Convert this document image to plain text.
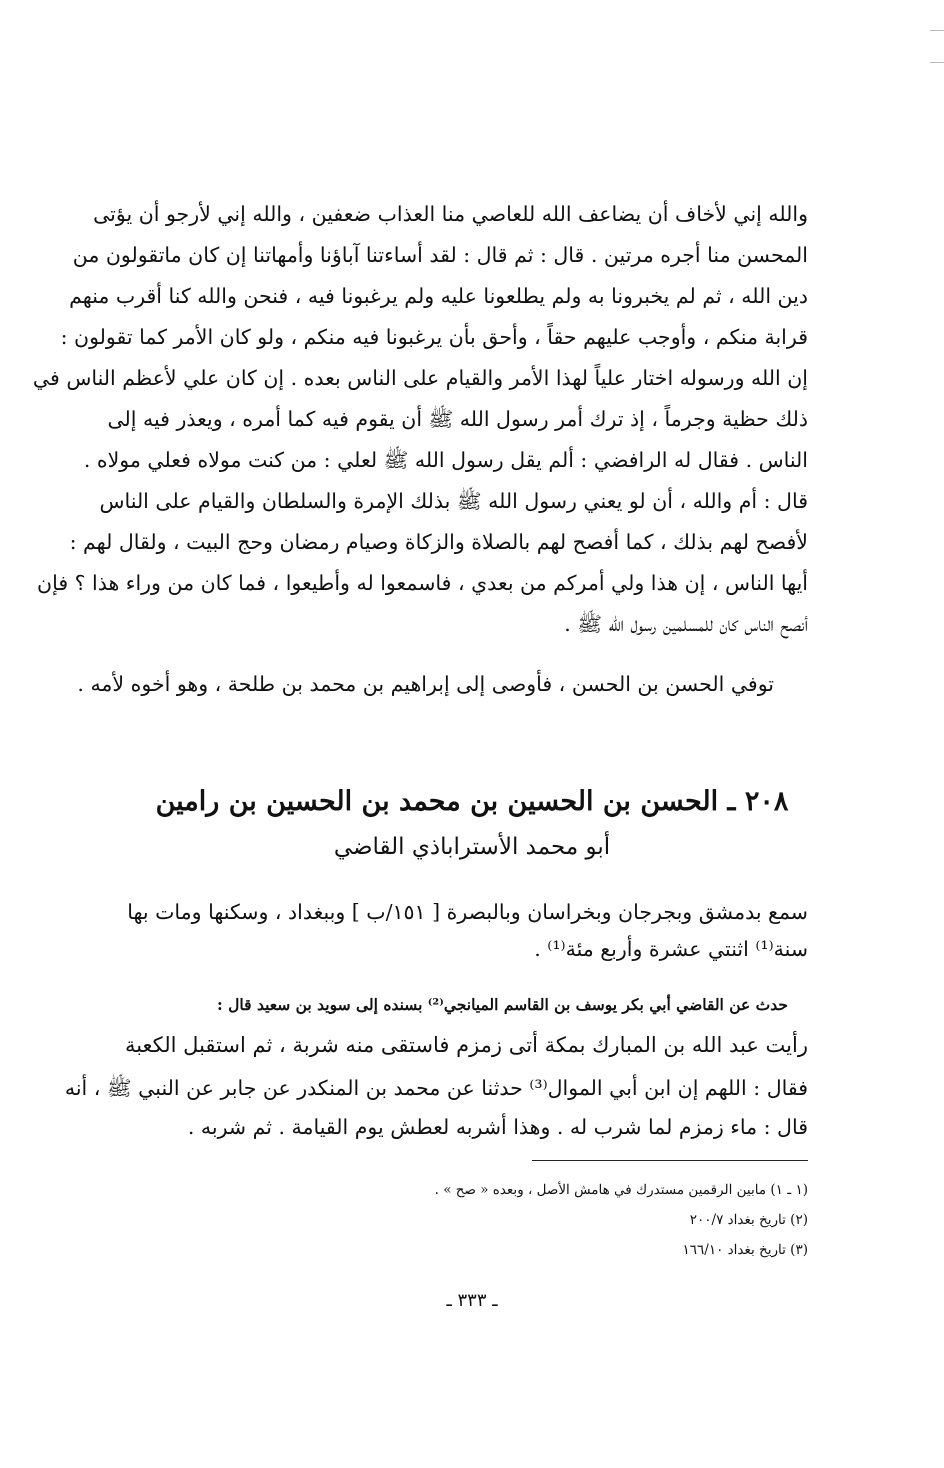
والله إني لأخاف أن يضاعف الله للعاصي منا العذاب ضعفين ، والله إني لأرجو أن يؤتى
المحسن منا أجره مرتين . قال : ثم قال : لقد أساءتنا آباؤنا وأمهاتنا إن كان ماتقولون من
دين الله ، ثم لم يخبرونا به ولم يطلعونا عليه ولم يرغبونا فيه ، فنحن والله كنا أقرب منهم
قرابة منكم ، وأوجب عليهم حقاً ، وأحق بأن يرغبونا فيه منكم ، ولو كان الأمر كما تقولون :
إن الله ورسوله اختار علياً لهذا الأمر والقيام على الناس بعده . إن كان علي لأعظم الناس في
ذلك حظية وجرماً ، إذ ترك أمر رسول الله ﷺ أن يقوم فيه كما أمره ، ويعذر فيه إلى
الناس . فقال له الرافضي : ألم يقل رسول الله ﷺ لعلي : من كنت مولاه فعلي مولاه .
قال : أم والله ، أن لو يعني رسول الله ﷺ بذلك الإمرة والسلطان والقيام على الناس
لأفصح لهم بذلك ، كما أفصح لهم بالصلاة والزكاة وصيام رمضان وحج البيت ، ولقال لهم :
أيها الناس ، إن هذا ولي أمركم من بعدي ، فاسمعوا له وأطيعوا ، فما كان من وراء هذا ؟ فإن
أنصح الناس كان للمسلمين رسول الله ﷺ .
توفي الحسن بن الحسن ، فأوصى إلى إبراهيم بن محمد بن طلحة ، وهو أخوه لأمه .
٢٠٨ ـ الحسن بن الحسين بن محمد بن الحسين بن رامين
أبو محمد الأستراباذي القاضي
سمع بدمشق وبجرجان وبخراسان وبالبصرة [ ١٥١/ب ] وببغداد ، وسكنها ومات بها
سنة⁽¹⁾ اثنتي عشرة وأربع مئة⁽¹⁾ .
حدث عن القاضي أبي بكر يوسف بن القاسم الميانجي⁽²⁾ بسنده إلى سويد بن سعيد قال :
رأيت عبد الله بن المبارك بمكة أتى زمزم فاستقى منه شربة ، ثم استقبل الكعبة
فقال : اللهم إن ابن أبي الموال⁽³⁾ حدثنا عن محمد بن المنكدر عن جابر عن النبي ﷺ ، أنه
قال : ماء زمزم لما شرب له . وهذا أشربه لعطش يوم القيامة . ثم شربه .
(١ ـ ١) مابين الرقمين مستدرك في هامش الأصل ، وبعده « صح » .
(٢) تاريخ بغداد ٢٠٠/٧
(٣) تاريخ بغداد ١٦٦/١٠
ـ ٣٣٣ ـ
